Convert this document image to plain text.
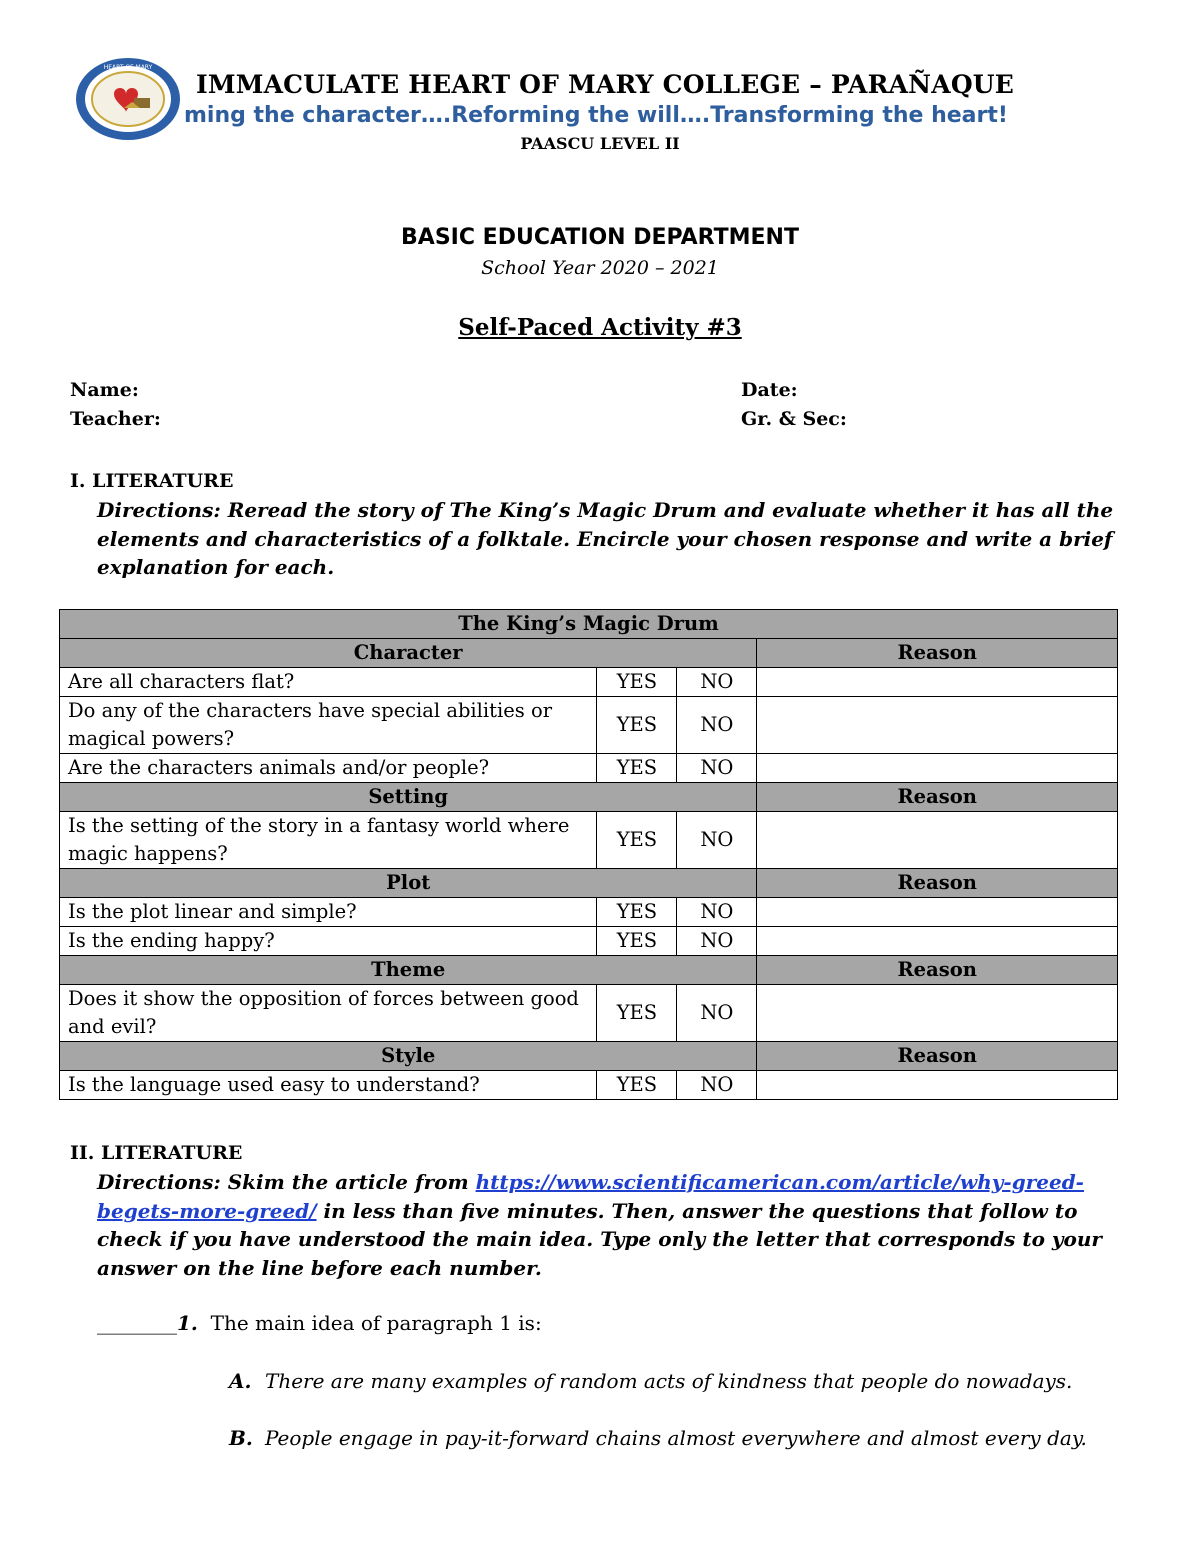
HEART OF MARY
IMMACULATE HEART OF MARY COLLEGE – PARAÑAQUE
ming the character….Reforming the will….Transforming the heart!
PAASCU LEVEL II
BASIC EDUCATION DEPARTMENT
School Year 2020 – 2021
Self-Paced Activity #3
Name:	Date:
Teacher:	Gr. & Sec:
I. LITERATURE
Directions: Reread the story of The King’s Magic Drum and evaluate whether it has all the elements and characteristics of a folktale. Encircle your chosen response and write a brief explanation for each.
The King’s Magic Drum			
Character			Reason
Are all characters flat?	YES	NO	
Do any of the characters have special abilities or magical powers?	YES	NO	
Are the characters animals and/or people?	YES	NO	
Setting			Reason
Is the setting of the story in a fantasy world where magic happens?	YES	NO	
Plot			Reason
Is the plot linear and simple?	YES	NO	
Is the ending happy?	YES	NO	
Theme			Reason
Does it show the opposition of forces between good and evil?	YES	NO	
Style			Reason
Is the language used easy to understand?	YES	NO	
II. LITERATURE
Directions: Skim the article from https://www.scientificamerican.com/article/why-greed-begets-more-greed/ in less than five minutes. Then, answer the questions that follow to check if you have understood the main idea. Type only the letter that corresponds to your answer on the line before each number.
________1. The main idea of paragraph 1 is:
A. There are many examples of random acts of kindness that people do nowadays.
B. People engage in pay-it-forward chains almost everywhere and almost every day.
